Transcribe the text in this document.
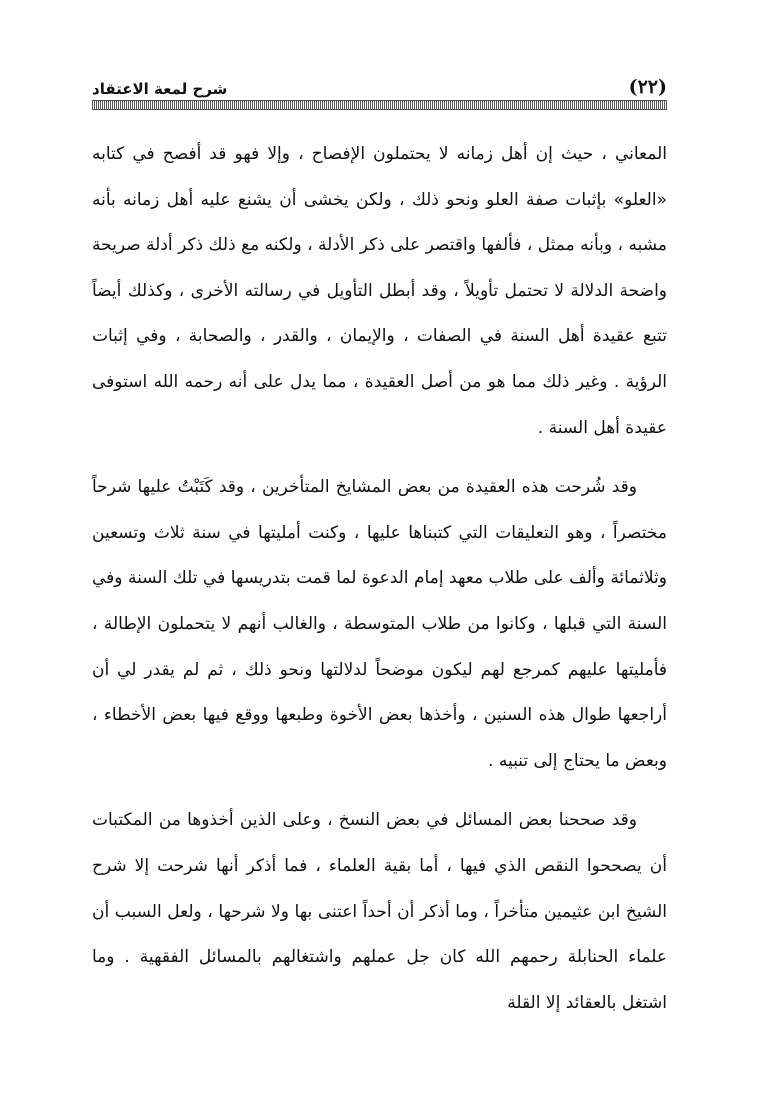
(٢٢)
شرح لمعة الاعتقاد

المعاني ، حيث إن أهل زمانه لا يحتملون الإفصاح ، وإلا فهو قد أفصح في كتابه «العلو» بإثبات صفة العلو ونحو ذلك ، ولكن يخشى أن يشنع عليه أهل زمانه بأنه مشبه ، وبأنه ممثل ، فألفها واقتصر على ذكر الأدلة ، ولكنه مع ذلك ذكر أدلة صريحة واضحة الدلالة لا تحتمل تأويلاً ، وقد أبطل التأويل في رسالته الأخرى ، وكذلك أيضاً تتبع عقيدة أهل السنة في الصفات ، والإيمان ، والقدر ، والصحابة ، وفي إثبات الرؤية . وغير ذلك مما هو من أصل العقيدة ، مما يدل على أنه رحمه الله استوفى عقيدة أهل السنة .

وقد شُرحت هذه العقيدة من بعض المشايخ المتأخرين ، وقد كَتَبْتُ عليها شرحاً مختصراً ، وهو التعليقات التي كتبناها عليها ، وكنت أمليتها في سنة ثلاث وتسعين وثلاثمائة وألف على طلاب معهد إمام الدعوة لما قمت بتدريسها في تلك السنة وفي السنة التي قبلها ، وكانوا من طلاب المتوسطة ، والغالب أنهم لا يتحملون الإطالة ، فأمليتها عليهم كمرجع لهم ليكون موضحاً لدلالتها ونحو ذلك ، ثم لم يقدر لي أن أراجعها طوال هذه السنين ، وأخذها بعض الأخوة وطبعها ووقع فيها بعض الأخطاء ، وبعض ما يحتاج إلى تنبيه .

وقد صححنا بعض المسائل في بعض النسخ ، وعلى الذين أخذوها من المكتبات أن يصححوا النقص الذي فيها ، أما بقية العلماء ، فما أذكر أنها شرحت إلا شرح الشيخ ابن عثيمين متأخراً ، وما أذكر أن أحداً اعتنى بها ولا شرحها ، ولعل السبب أن علماء الحنابلة رحمهم الله كان جل عملهم واشتغالهم بالمسائل الفقهية . وما اشتغل بالعقائد إلا القلة
